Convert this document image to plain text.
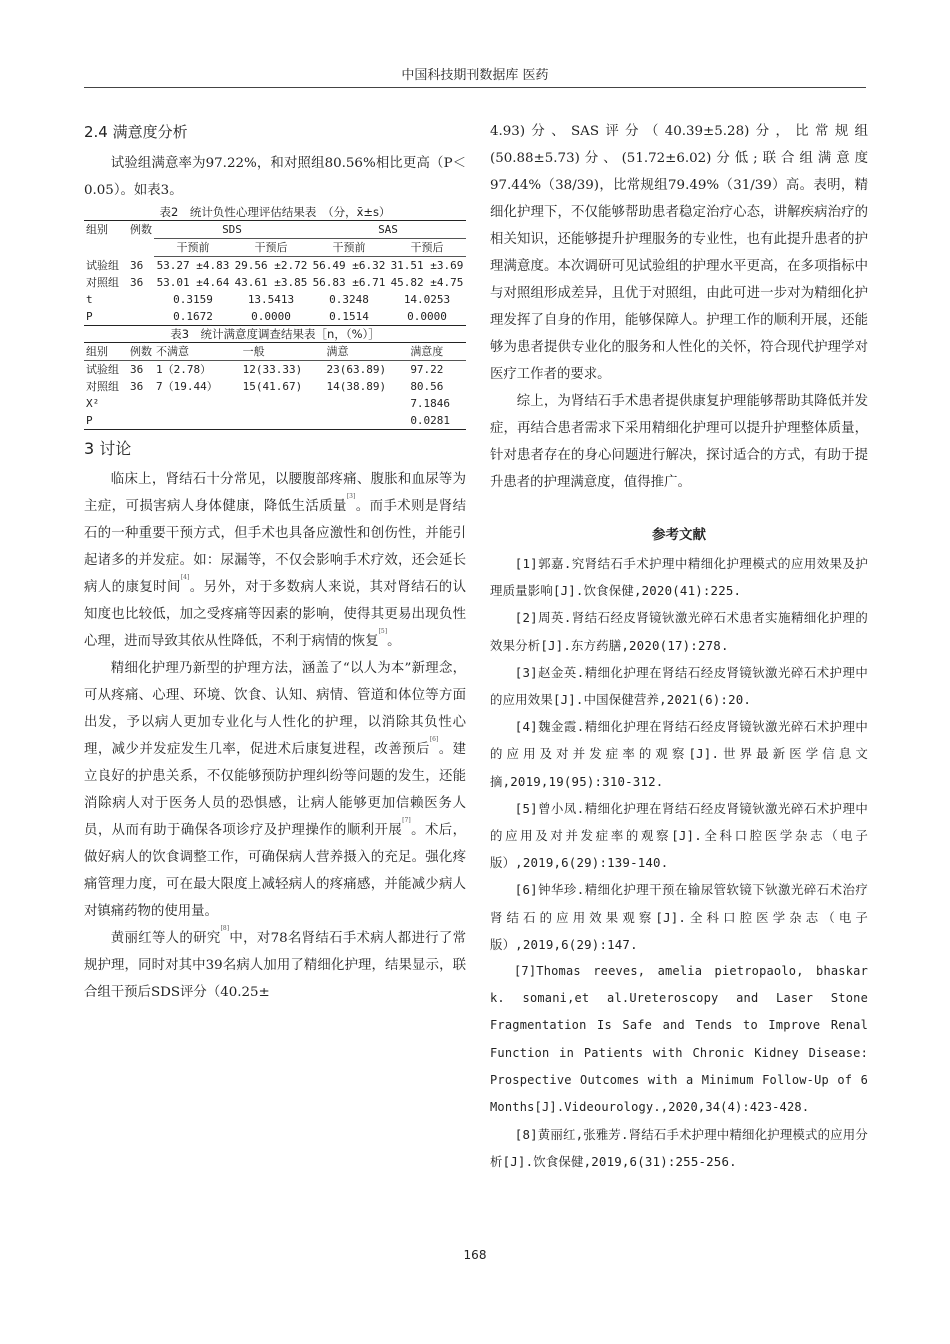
中国科技期刊数据库 医药
2.4 满意度分析

试验组满意率为97.22%，和对照组80.56%相比更高（P＜0.05）。如表3。

表2　统计负性心理评估结果表　（分，x̄±s）
组别	例数	SDS		SAS	
		干预前	干预后	干预前	干预后
试验组	36	53.27 ±4.83	29.56 ±2.72	56.49 ±6.32	31.51 ±3.69
对照组	36	53.01 ±4.64	43.61 ±3.85	56.83 ±6.71	45.82 ±4.75
t		0.3159	13.5413	0.3248	14.0253
P		0.1672	0.0000	0.1514	0.0000
表3　统计满意度调查结果表［n，（%）］
组别	例数	不满意	一般	满意	满意度
试验组	36	1（2.78）	12(33.33)	23(63.89)	97.22
对照组	36	7（19.44）	15(41.67)	14(38.89)	80.56
X²					7.1846
P					0.0281
3 讨论

临床上，肾结石十分常见，以腰腹部疼痛、腹胀和血尿等为主症，可损害病人身体健康，降低生活质量[3]。而手术则是肾结石的一种重要干预方式，但手术也具备应激性和创伤性，并能引起诸多的并发症。如：尿漏等，不仅会影响手术疗效，还会延长病人的康复时间[4]。另外，对于多数病人来说，其对肾结石的认知度也比较低，加之受疼痛等因素的影响，使得其更易出现负性心理，进而导致其依从性降低，不利于病情的恢复[5]。

精细化护理乃新型的护理方法，涵盖了“以人为本”新理念，可从疼痛、心理、环境、饮食、认知、病情、管道和体位等方面出发，予以病人更加专业化与人性化的护理，以消除其负性心理，减少并发症发生几率，促进术后康复进程，改善预后[6]。建立良好的护患关系，不仅能够预防护理纠纷等问题的发生，还能消除病人对于医务人员的恐惧感，让病人能够更加信赖医务人员，从而有助于确保各项诊疗及护理操作的顺利开展[7]。术后，做好病人的饮食调整工作，可确保病人营养摄入的充足。强化疼痛管理力度，可在最大限度上减轻病人的疼痛感，并能减少病人对镇痛药物的使用量。

黄丽红等人的研究[8]中，对78名肾结石手术病人都进行了常规护理，同时对其中39名病人加用了精细化护理，结果显示，联合组干预后SDS评分（40.25±

4.93)分、SAS评分（40.39±5.28)分，比常规组(50.88±5.73)分、(51.72±6.02)分低;联合组满意度97.44%（38/39)，比常规组79.49%（31/39）高。表明，精细化护理下，不仅能够帮助患者稳定治疗心态，讲解疾病治疗的相关知识，还能够提升护理服务的专业性，也有此提升患者的护理满意度。本次调研可见试验组的护理水平更高，在多项指标中与对照组形成差异，且优于对照组，由此可进一步对为精细化护理发挥了自身的作用，能够保障人。护理工作的顺利开展，还能够为患者提供专业化的服务和人性化的关怀，符合现代护理学对医疗工作者的要求。

综上，为肾结石手术患者提供康复护理能够帮助其降低并发症，再结合患者需求下采用精细化护理可以提升护理整体质量，针对患者存在的身心问题进行解决，探讨适合的方式，有助于提升患者的护理满意度，值得推广。

参考文献

[1]郭嘉.究肾结石手术护理中精细化护理模式的应用效果及护理质量影响[J].饮食保健,2020(41):225.

[2]周英.肾结石经皮肾镜钬激光碎石术患者实施精细化护理的效果分析[J].东方药膳,2020(17):278.

[3]赵金英.精细化护理在肾结石经皮肾镜钬激光碎石术护理中的应用效果[J].中国保健营养,2021(6):20.

[4]魏金霞.精细化护理在肾结石经皮肾镜钬激光碎石术护理中的应用及对并发症率的观察[J].世界最新医学信息文摘,2019,19(95):310-312.

[5]曾小凤.精细化护理在肾结石经皮肾镜钬激光碎石术护理中的应用及对并发症率的观察[J].全科口腔医学杂志（电子版）,2019,6(29):139-140.

[6]钟华珍.精细化护理干预在输尿管软镜下钬激光碎石术治疗肾结石的应用效果观察[J].全科口腔医学杂志（电子版）,2019,6(29):147.

[7]Thomas reeves, amelia pietropaolo, bhaskar k. somani,et al.Ureteroscopy and Laser Stone Fragmentation Is Safe and Tends to Improve Renal Function in Patients with Chronic Kidney Disease: Prospective Outcomes with a Minimum Follow-Up of 6 Months[J].Videourology.,2020,34(4):423-428.

[8]黄丽红,张雅芳.肾结石手术护理中精细化护理模式的应用分析[J].饮食保健,2019,6(31):255-256.

168
